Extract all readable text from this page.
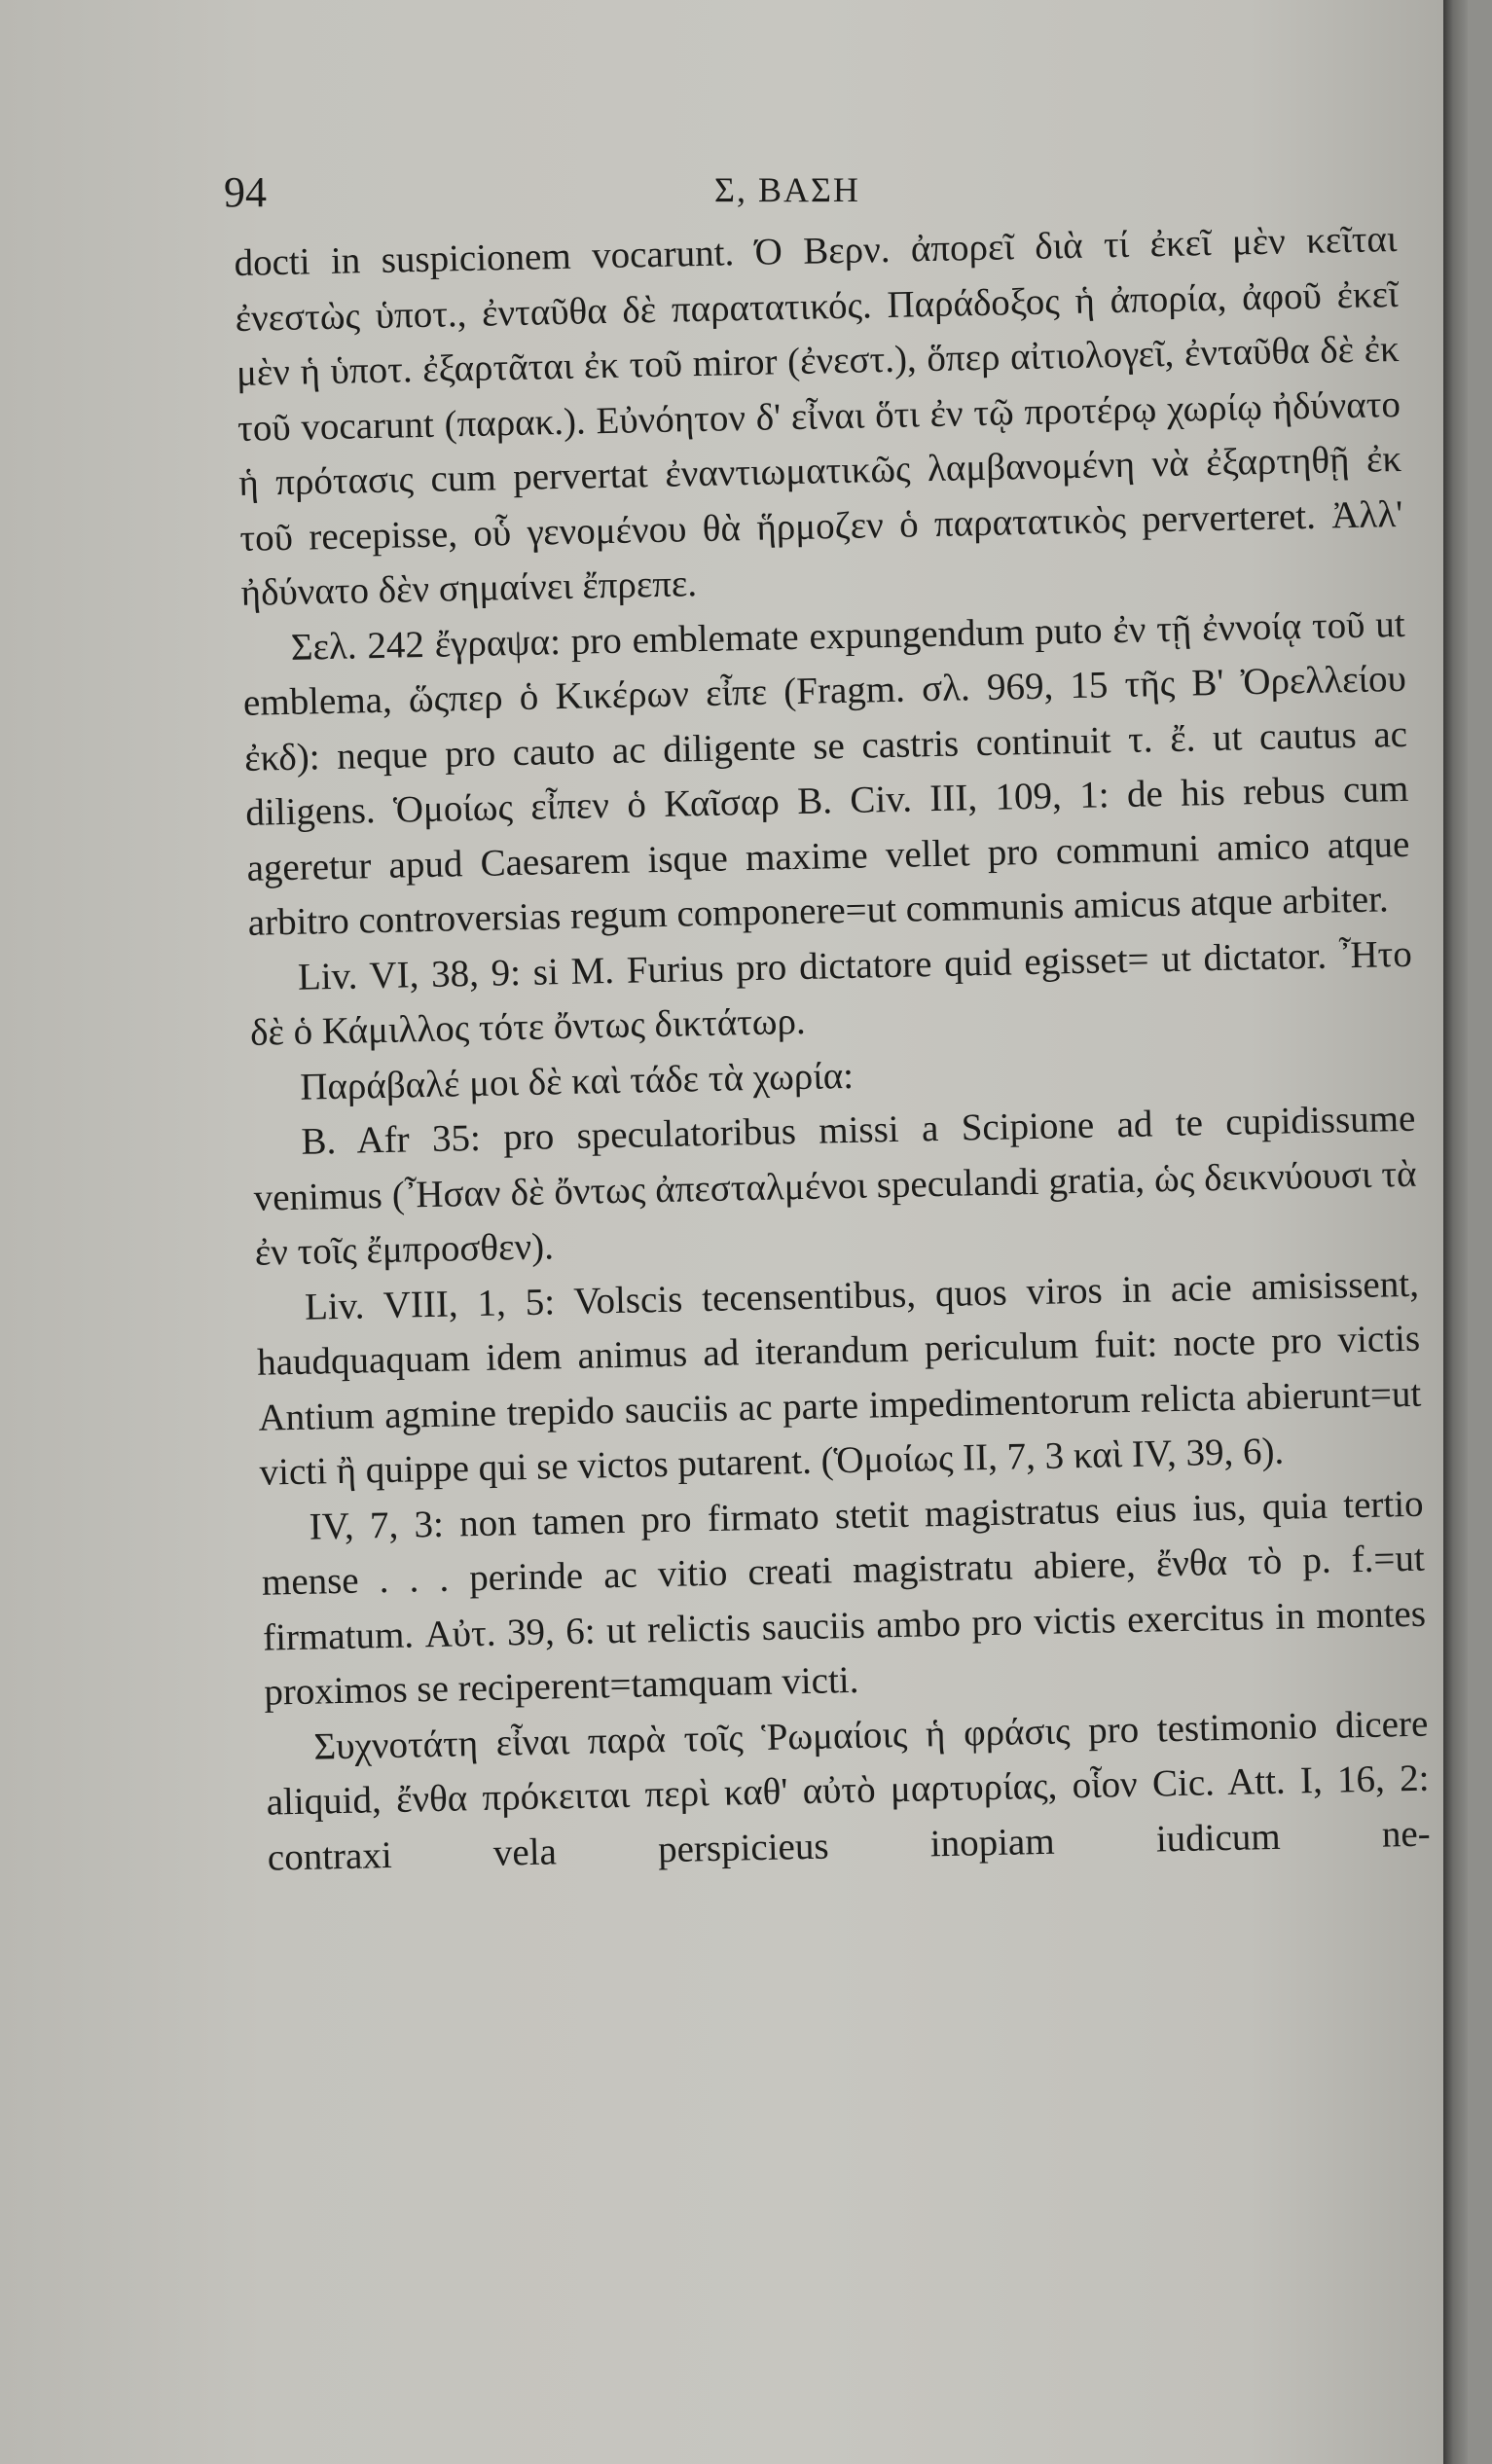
94	Σ, ΒΑΣΗ

docti in suspicionem vocarunt. Ό Βερν. ἀπορεῖ διὰ τί ἐκεῖ μὲν κεῖται ἐνεστὼς ὑποτ., ἐνταῦθα δὲ παρατατικός. Παράδοξος ἡ ἀπορία, ἀφοῦ ἐκεῖ μὲν ἡ ὑποτ. ἐξαρτᾶται ἐκ τοῦ miror (ἐνεστ.), ὅπερ αἰτιολογεῖ, ἐνταῦθα δὲ ἐκ τοῦ vocarunt (παρακ.). Εὐνόητον δ' εἶναι ὅτι ἐν τῷ προτέρῳ χωρίῳ ἠδύνατο ἡ πρότασις cum pervertat ἐναντιωματικῶς λαμβανομένη νὰ ἐξαρτηθῇ ἐκ τοῦ recepisse, οὗ γενομένου θὰ ἥρμοζεν ὁ παρατατικὸς perverteret. Ἀλλ' ἠδύνατο δὲν σημαίνει ἔπρεπε.

Σελ. 242 ἔγραψα: pro emblemate expungendum puto ἐν τῇ ἐννοίᾳ τοῦ ut emblema, ὥςπερ ὁ Κικέρων εἶπε (Fragm. σλ. 969, 15 τῆς Β' Ὀρελλείου ἐκδ): neque pro cauto ac diligente se castris continuit τ. ἔ. ut cautus ac diligens. Ὁμοίως εἶπεν ὁ Καῖσαρ B. Civ. III, 109, 1: de his rebus cum ageretur apud Caesarem isque maxime vellet pro communi amico atque arbitro controversias regum componere=ut communis amicus atque arbiter.

Liv. VI, 38, 9: si M. Furius pro dictatore quid egisset= ut dictator. Ἦτο δὲ ὁ Κάμιλλος τότε ὄντως δικτάτωρ.

Παράβαλέ μοι δὲ καὶ τάδε τὰ χωρία:

B. Afr 35: pro speculatoribus missi a Scipione ad te cupidissume venimus (Ἦσαν δὲ ὄντως ἀπεσταλμένοι speculandi gratia, ὡς δεικνύουσι τὰ ἐν τοῖς ἔμπροσθεν).

Liv. VIII, 1, 5: Volscis tecensentibus, quos viros in acie amisissent, haudquaquam idem animus ad iterandum periculum fuit: nocte pro victis Antium agmine trepido sauciis ac parte impedimentorum relicta abierunt=ut victi ἢ quippe qui se victos putarent. (Ὁμοίως II, 7, 3 καὶ IV, 39, 6).

IV, 7, 3: non tamen pro firmato stetit magistratus eius ius, quia tertio mense . . . perinde ac vitio creati magistratu abiere, ἔνθα τὸ p. f.=ut firmatum. Αὐτ. 39, 6: ut relictis sauciis ambo pro victis exercitus in montes proximos se reciperent=tamquam victi.

Συχνοτάτη εἶναι παρὰ τοῖς Ῥωμαίοις ἡ φράσις pro testimonio dicere aliquid, ἔνθα πρόκειται περὶ καθ' αὐτὸ μαρτυρίας, οἷον Cic. Att. I, 16, 2: contraxi vela perspicieus inopiam iudicum ne-
